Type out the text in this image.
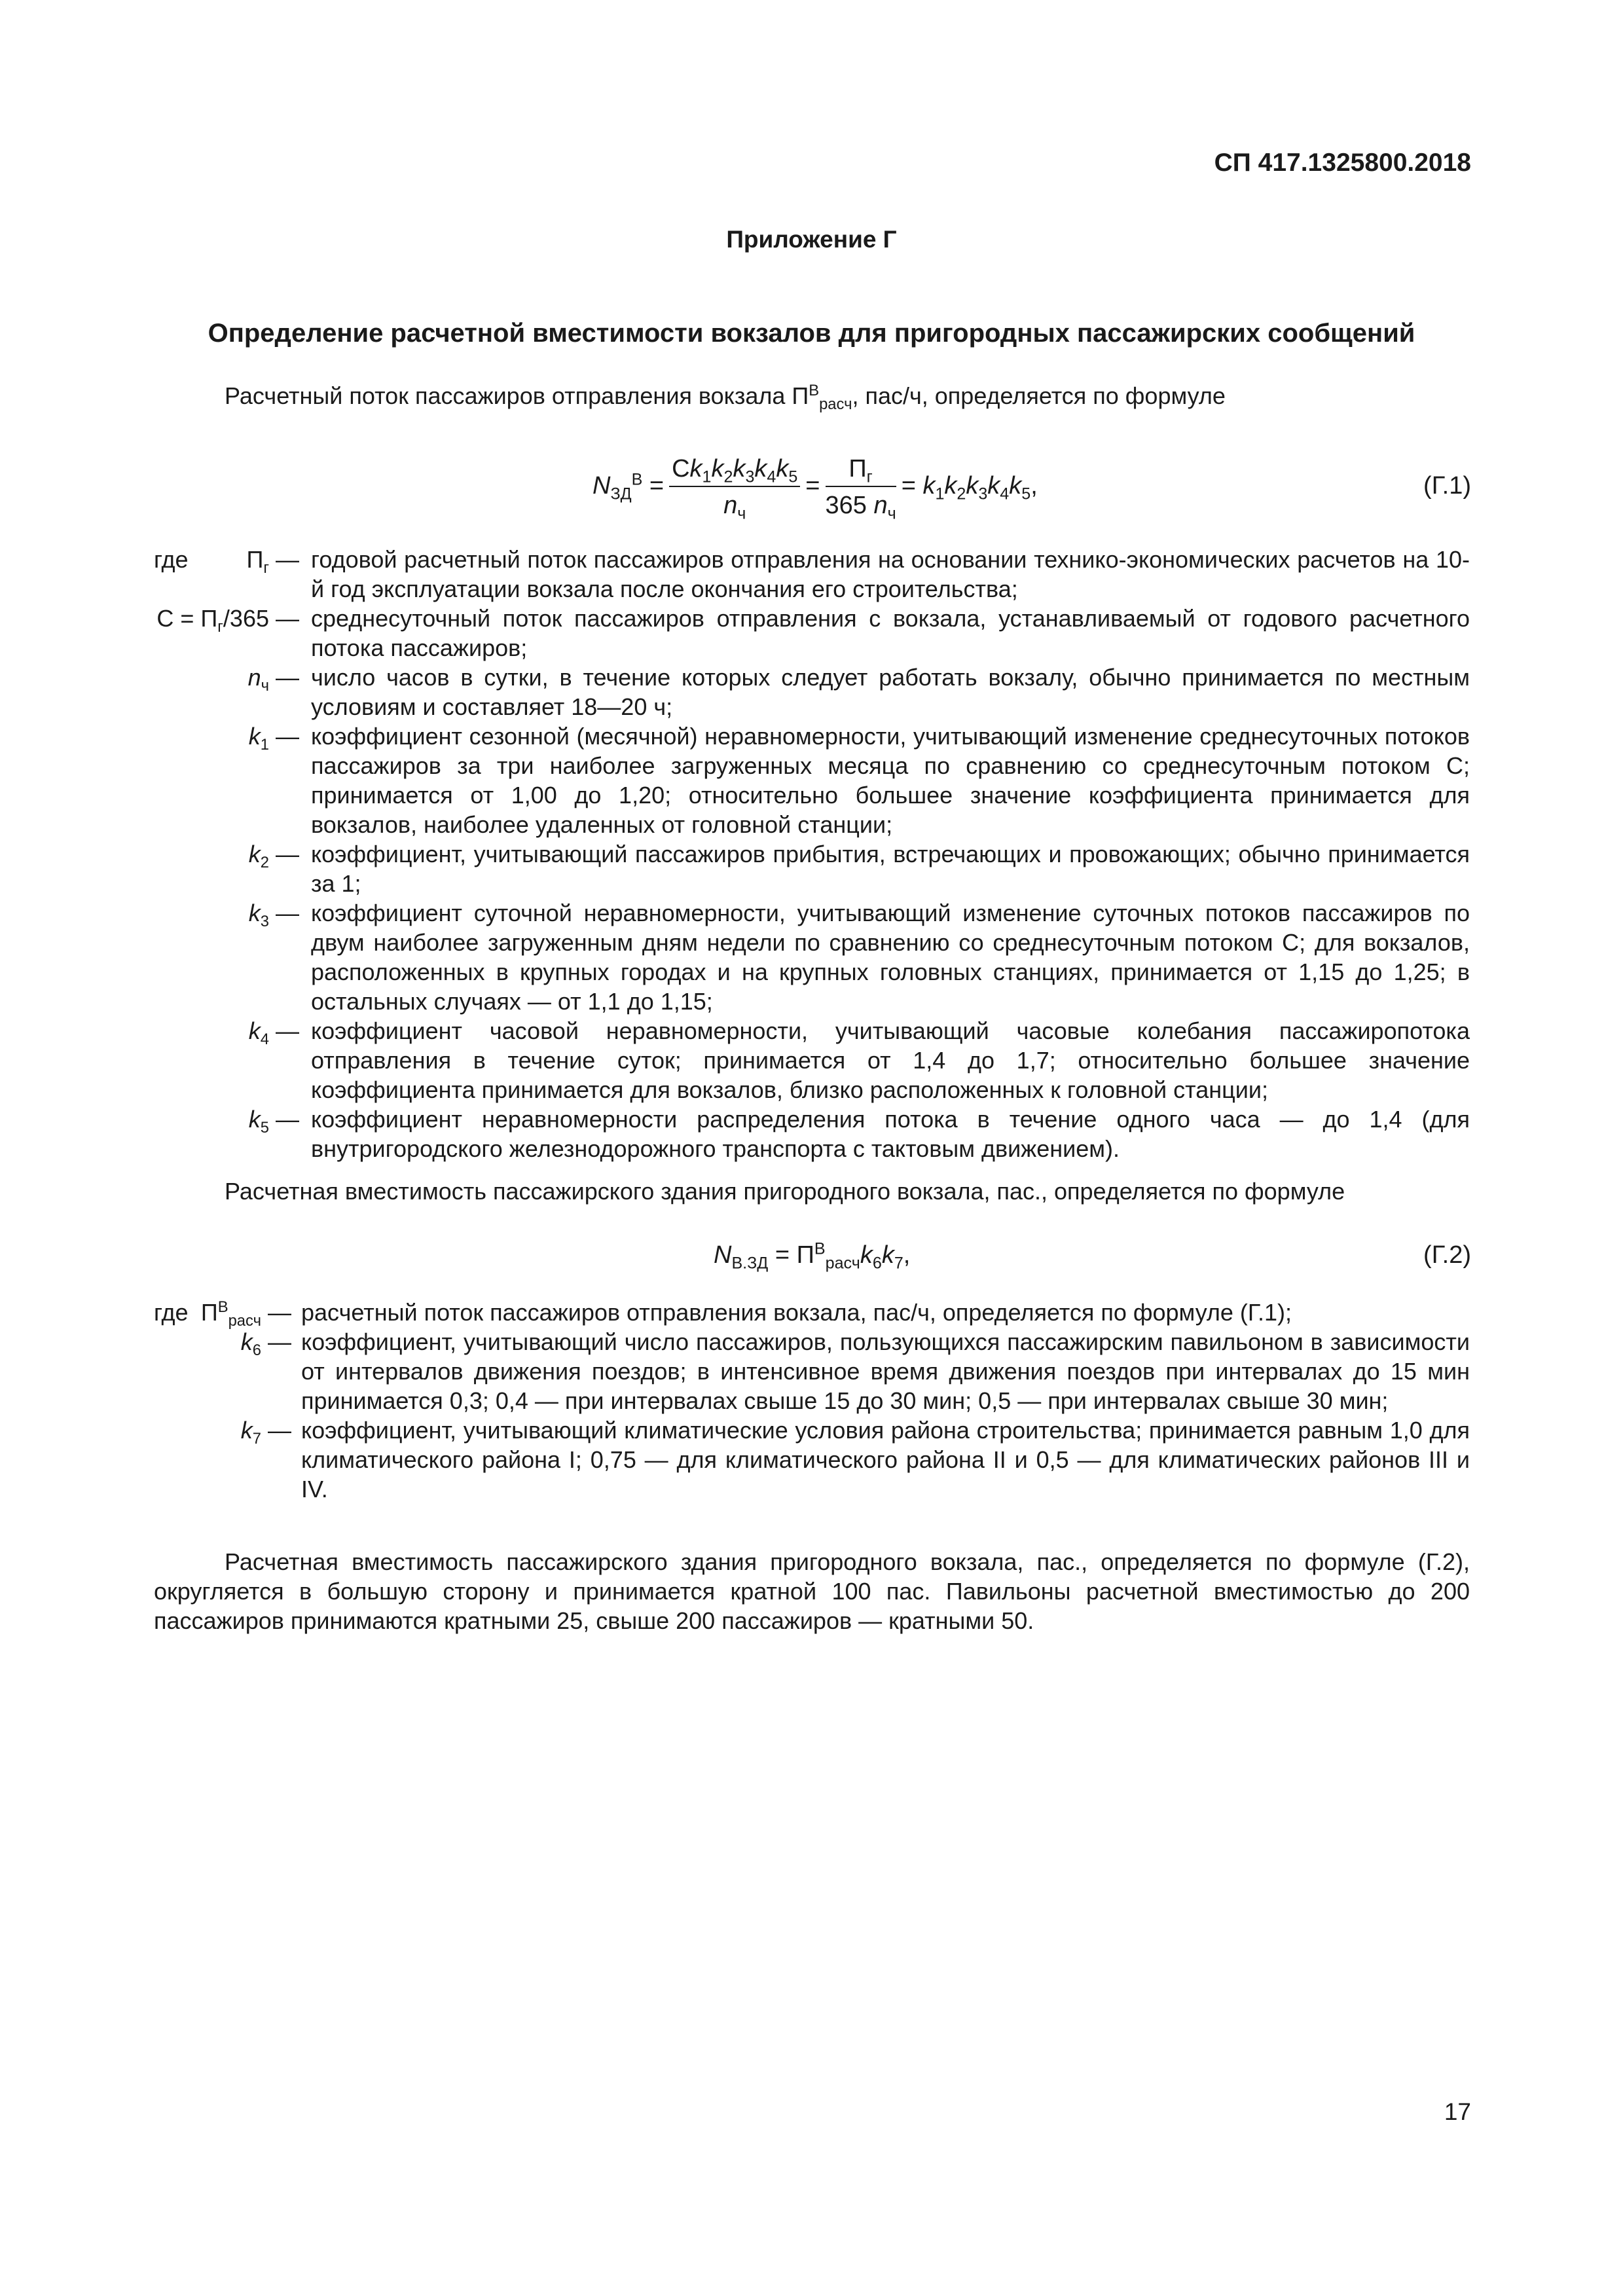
СП 417.1325800.2018
Приложение Г
Определение расчетной вместимости вокзалов для пригородных пассажирских сообщений
Расчетный поток пассажиров отправления вокзала $П^В_{расч}$, пас/ч, определяется по формуле
$N_{ЗД}^В = \frac{Сk_1k_2k_3k_4k_5}{n_ч} = \frac{П_г}{365 n_ч} = k_1k_2k_3k_4k_5$,	(Г.1)
где	$П_г$ — годовой расчетный поток пассажиров отправления на основании технико-экономических расчетов на 10-й год эксплуатации вокзала после окончания его строительства;
$С = П_г/365$ — среднесуточный поток пассажиров отправления с вокзала, устанавливаемый от годового расчетного потока пассажиров;
$n_ч$ — число часов в сутки, в течение которых следует работать вокзалу, обычно принимается по местным условиям и составляет 18—20 ч;
$k_1$ — коэффициент сезонной (месячной) неравномерности, учитывающий изменение среднесуточных потоков пассажиров за три наиболее загруженных месяца по сравнению со среднесуточным потоком С; принимается от 1,00 до 1,20; относительно большее значение коэффициента принимается для вокзалов, наиболее удаленных от головной станции;
$k_2$ — коэффициент, учитывающий пассажиров прибытия, встречающих и провожающих; обычно принимается за 1;
$k_3$ — коэффициент суточной неравномерности, учитывающий изменение суточных потоков пассажиров по двум наиболее загруженным дням недели по сравнению со среднесуточным потоком С; для вокзалов, расположенных в крупных городах и на крупных головных станциях, принимается от 1,15 до 1,25; в остальных случаях — от 1,1 до 1,15;
$k_4$ — коэффициент часовой неравномерности, учитывающий часовые колебания пассажиропотока отправления в течение суток; принимается от 1,4 до 1,7; относительно большее значение коэффициента принимается для вокзалов, близко расположенных к головной станции;
$k_5$ — коэффициент неравномерности распределения потока в течение одного часа — до 1,4 (для внутригородского железнодорожного транспорта с тактовым движением).
Расчетная вместимость пассажирского здания пригородного вокзала, пас., определяется по формуле
$N_{В.ЗД} = П^В_{расч}k_6k_7$,	(Г.2)
где $П^В_{расч}$ — расчетный поток пассажиров отправления вокзала, пас/ч, определяется по формуле (Г.1);
$k_6$ — коэффициент, учитывающий число пассажиров, пользующихся пассажирским павильоном в зависимости от интервалов движения поездов; в интенсивное время движения поездов при интервалах до 15 мин принимается 0,3; 0,4 — при интервалах свыше 15 до 30 мин; 0,5 — при интервалах свыше 30 мин;
$k_7$ — коэффициент, учитывающий климатические условия района строительства; принимается равным 1,0 для климатического района I; 0,75 — для климатического района II и 0,5 — для климатических районов III и IV.
Расчетная вместимость пассажирского здания пригородного вокзала, пас., определяется по формуле (Г.2), округляется в большую сторону и принимается кратной 100 пас. Павильоны расчетной вместимостью до 200 пассажиров принимаются кратными 25, свыше 200 пассажиров — кратными 50.
17
